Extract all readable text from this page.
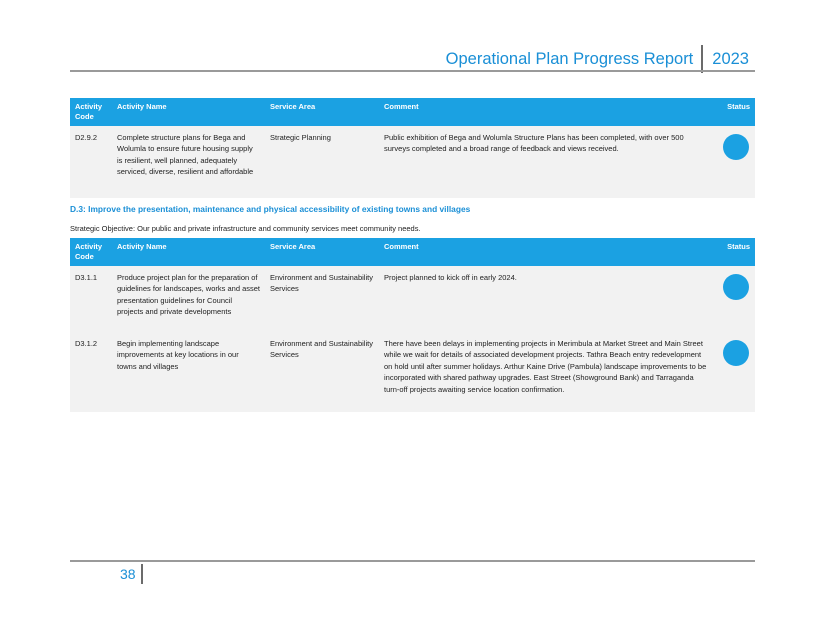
Operational Plan Progress Report 2023
Activity Code	Activity Name	Service Area	Comment	Status
D2.9.2	Complete structure plans for Bega and Wolumla to ensure future housing supply is resilient, well planned, adequately serviced, diverse, resilient and affordable	Strategic Planning	Public exhibition of Bega and Wolumla Structure Plans has been completed, with over 500 surveys completed and a broad range of feedback and views received.	
D.3: Improve the presentation, maintenance and physical accessibility of existing towns and villages
Strategic Objective: Our public and private infrastructure and community services meet community needs.
Activity Code	Activity Name	Service Area	Comment	Status
D3.1.1	Produce project plan for the preparation of guidelines for landscapes, works and asset presentation guidelines for Council projects and private developments	Environment and Sustainability Services	Project planned to kick off in early 2024.	
D3.1.2	Begin implementing landscape improvements at key locations in our towns and villages	Environment and Sustainability Services	There have been delays in implementing projects in Merimbula at Market Street and Main Street while we wait for details of associated development projects. Tathra Beach entry redevelopment on hold until after summer holidays. Arthur Kaine Drive (Pambula) landscape improvements to be incorporated with shared pathway upgrades. East Street (Showground Bank) and Tarraganda turn-off projects awaiting service location confirmation.	
38
